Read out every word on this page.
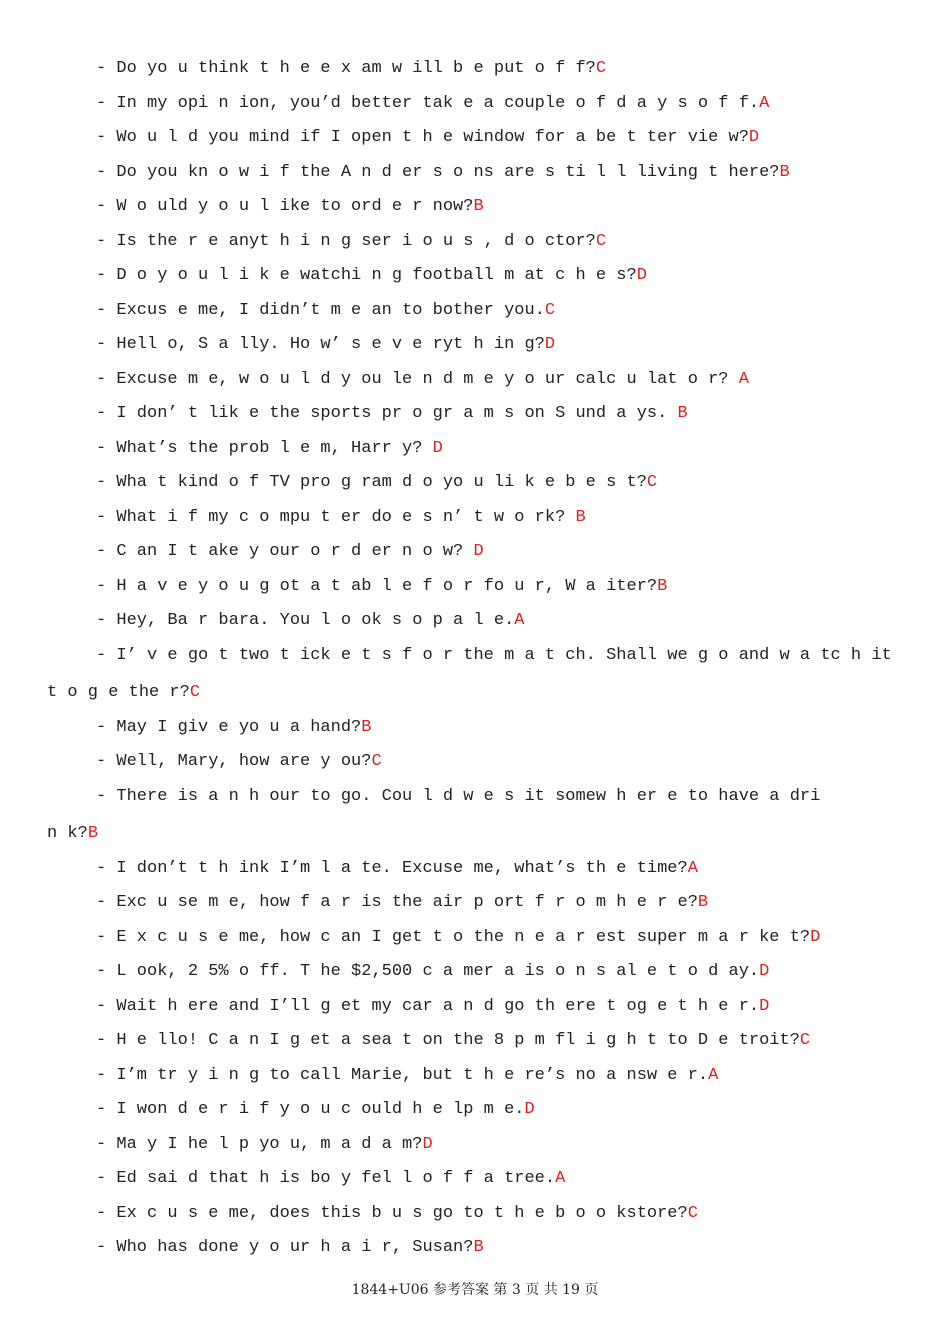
- Do yo u think t h e e x am w ill b e put o f f?C
- In my opi n ion, you’d better tak e a couple o f d a y s o f f.A
- Wo u l d you mind if I open t h e window for a be t ter vie w?D
- Do you kn o w i f the A n d er s o ns are s ti l l living t here?B
- W o uld y o u l ike to ord e r now?B
- Is the r e anyt h i n g ser i o u s , d o ctor?C
- D o y o u l i k e watchi n g football m at c h e s?D
- Excus e me, I didn’t m e an to bother you.C
- Hell o, S a lly. Ho w’ s e v e ryt h in g?D
- Excuse m e, w o u l d y ou le n d m e y o ur calc u lat o r? A
- I don’ t lik e the sports pr o gr a m s on S und a ys. B
- What’s the prob l e m, Harr y? D
- Wha t kind o f TV pro g ram d o yo u li k e b e s t?C
- What i f my c o mpu t er do e s n’ t w o rk? B
- C an I t ake y our o r d er n o w? D
- H a v e y o u g ot a t ab l e f o r fo u r, W a iter?B
- Hey, Ba r bara. You l o ok s o p a l e.A
- I’ v e go t two t ick e t s f o r the m a t ch. Shall we g o and w a tc h it
t o g e the r?C
- May I giv e yo u a hand?B
- Well, Mary, how are y ou?C
- There is a n h our to go. Cou l d w e s it somew h er e to have a dri
n k?B
- I don’t t h ink I’m l a te. Excuse me, what’s th e time?A
- Exc u se m e, how f a r is the air p ort f r o m h e r e?B
- E x c u s e me, how c an I get t o the n e a r est super m a r ke t?D
- L ook, 2 5% o ff. T he $2,500 c a mer a is o n s al e t o d ay.D
- Wait h ere and I’ll g et my car a n d go th ere t og e t h e r.D
- H e llo! C a n I g et a sea t on the 8 p m fl i g h t to D e troit?C
- I’m tr y i n g to call Marie, but t h e re’s no a nsw e r.A
- I won d e r i f y o u c ould h e lp m e.D
- Ma y I he l p yo u, m a d a m?D
- Ed sai d that h is bo y fel l o f f a tree.A
- Ex c u s e me, does this b u s go to t h e b o o kstore?C
- Who has done y o ur h a i r, Susan?B
1844+U06 参考答案 第 3 页 共 19 页
